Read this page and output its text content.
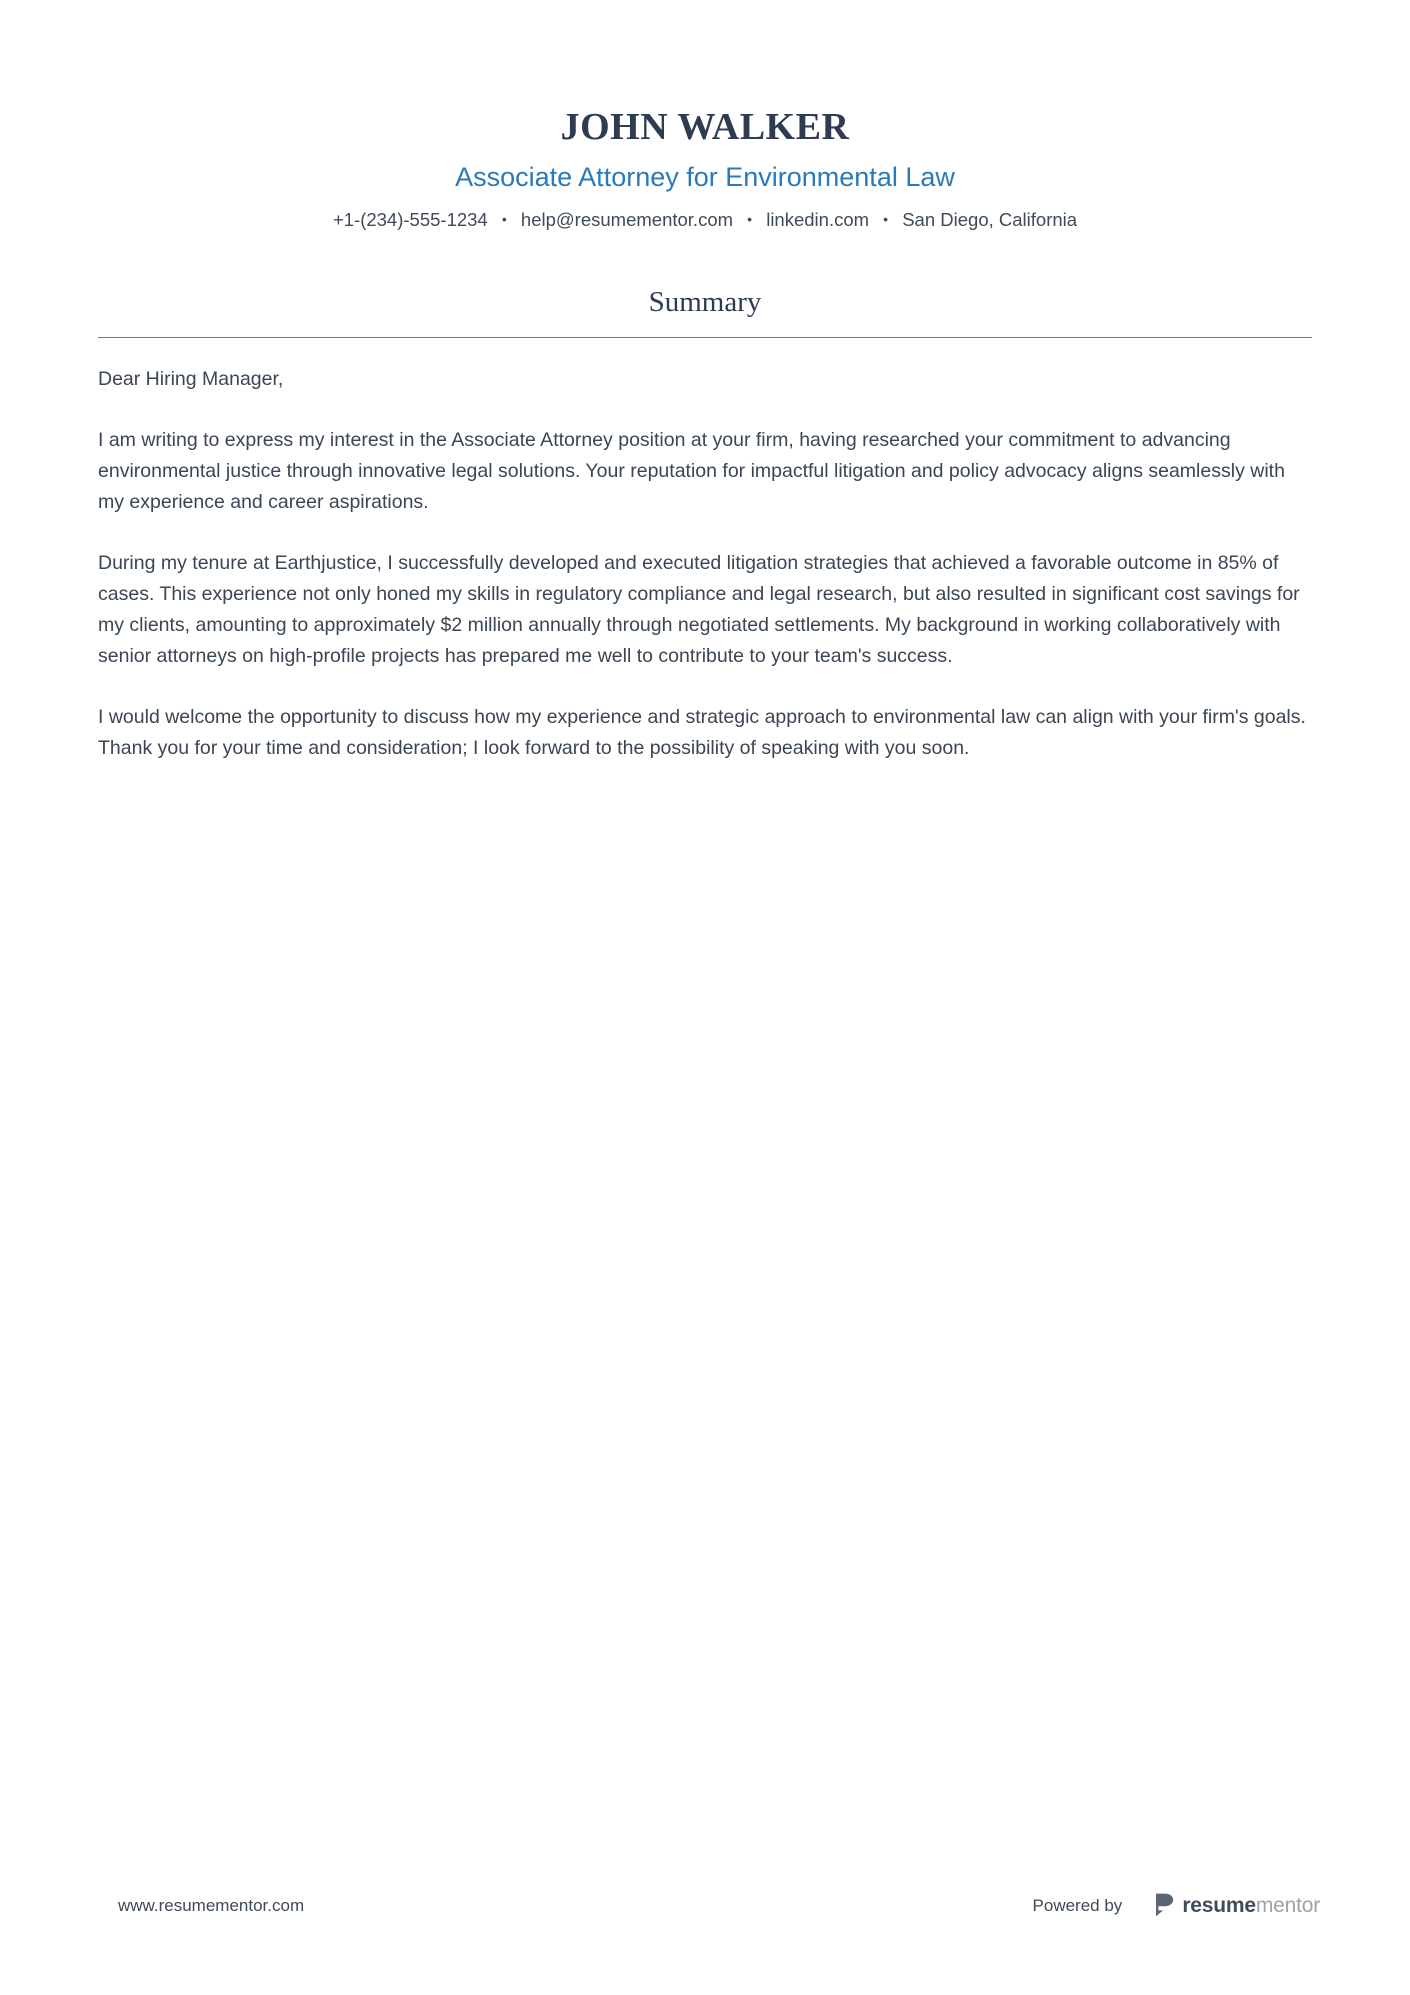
JOHN WALKER
Associate Attorney for Environmental Law
+1-(234)-555-1234 • help@resumementor.com • linkedin.com • San Diego, California
Summary

Dear Hiring Manager,

I am writing to express my interest in the Associate Attorney position at your firm, having researched your commitment to advancing environmental justice through innovative legal solutions. Your reputation for impactful litigation and policy advocacy aligns seamlessly with my experience and career aspirations.

During my tenure at Earthjustice, I successfully developed and executed litigation strategies that achieved a favorable outcome in 85% of cases. This experience not only honed my skills in regulatory compliance and legal research, but also resulted in significant cost savings for my clients, amounting to approximately $2 million annually through negotiated settlements. My background in working collaboratively with senior attorneys on high-profile projects has prepared me well to contribute to your team's success.

I would welcome the opportunity to discuss how my experience and strategic approach to environmental law can align with your firm's goals. Thank you for your time and consideration; I look forward to the possibility of speaking with you soon.

www.resumementor.com	Powered by	resumementor
